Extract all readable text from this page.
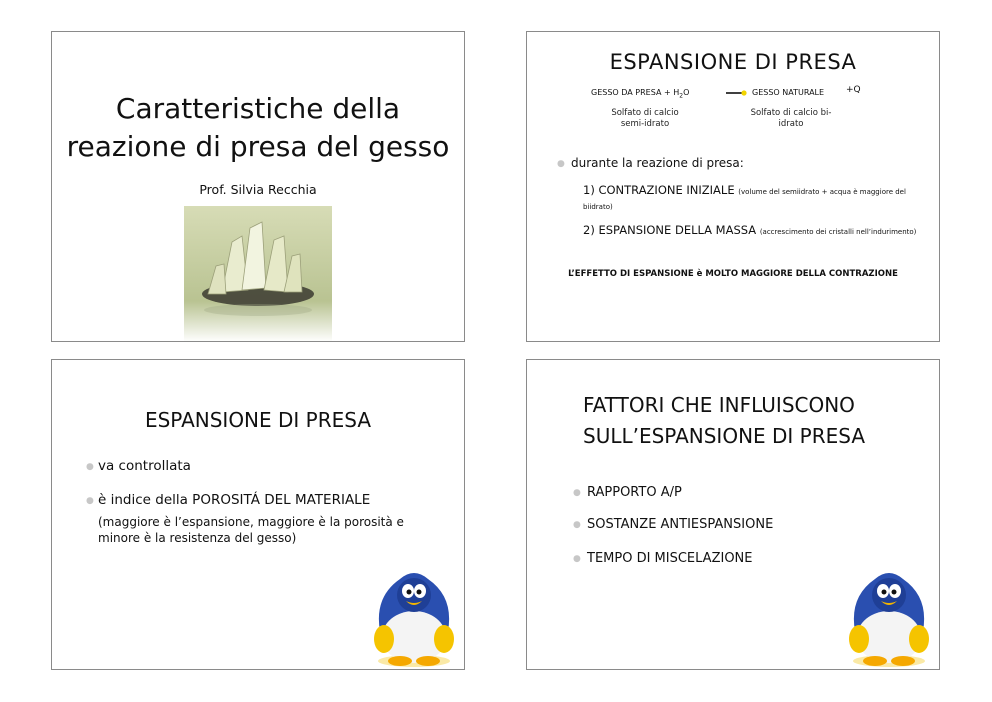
Caratteristiche della
reazione di presa del gesso
Prof. Silvia Recchia
ESPANSIONE DI PRESA
GESSO DA PRESA + $H_2O$	GESSO NATURALE +Q
Solfato di calcio semi-idrato
Solfato di calcio bi-idrato
● durante la reazione di presa:
1) CONTRAZIONE INIZIALE (volume del semiidrato + acqua è maggiore del biidrato)
2) ESPANSIONE DELLA MASSA (accrescimento dei cristalli nell’indurimento)
L’EFFETTO DI ESPANSIONE è MOLTO MAGGIORE DELLA CONTRAZIONE
ESPANSIONE DI PRESA
● va controllata
● è indice della POROSITÁ DEL MATERIALE
(maggiore è l’espansione, maggiore è la porosità e minore è la resistenza del gesso)
FATTORI CHE INFLUISCONO
SULL’ESPANSIONE DI PRESA
● RAPPORTO A/P
● SOSTANZE ANTIESPANSIONE
● TEMPO DI MISCELAZIONE
